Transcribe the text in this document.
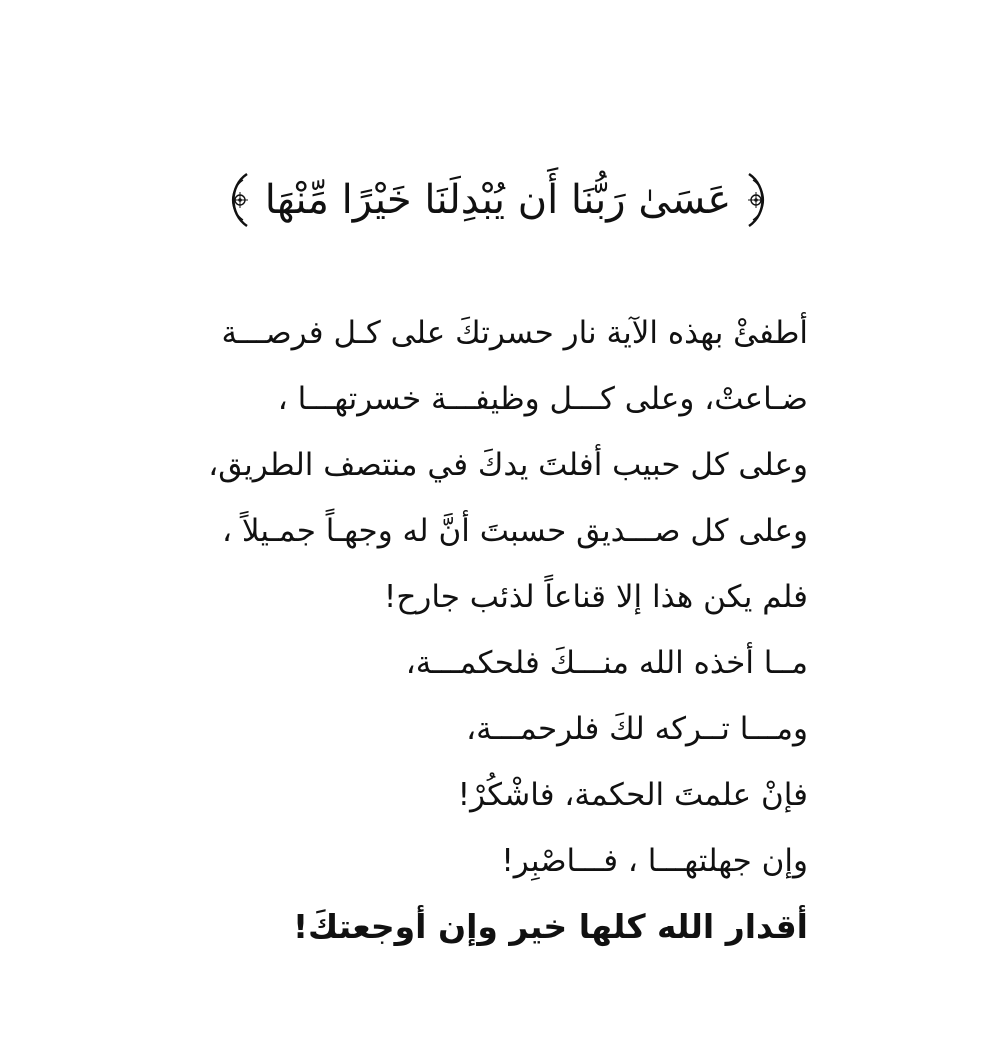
عَسَىٰ رَبُّنَا أَن يُبْدِلَنَا خَيْرًا مِّنْهَا
أطفئْ بهذه الآية نار حسرتكَ على كـل فرصـــة
ضـاعتْ، وعلى كـــل وظيفـــة خسرتهـــا ،
وعلى كل حبيب أفلتَ يدكَ في منتصف الطريق،
وعلى كل صـــديق حسبتَ أنَّ له وجهـاً جمـيلاً ،
فلم يكن هذا إلا قناعاً لذئب جارح!
مــا أخذه الله منـــكَ فلحكمـــة،
ومـــا تــركه لكَ فلرحمـــة،
فإنْ علمتَ الحكمة، فاشْكُرْ!
وإن جهلتهـــا ، فـــاصْبِر!
أقدار الله كلها خير وإن أوجعتكَ!
